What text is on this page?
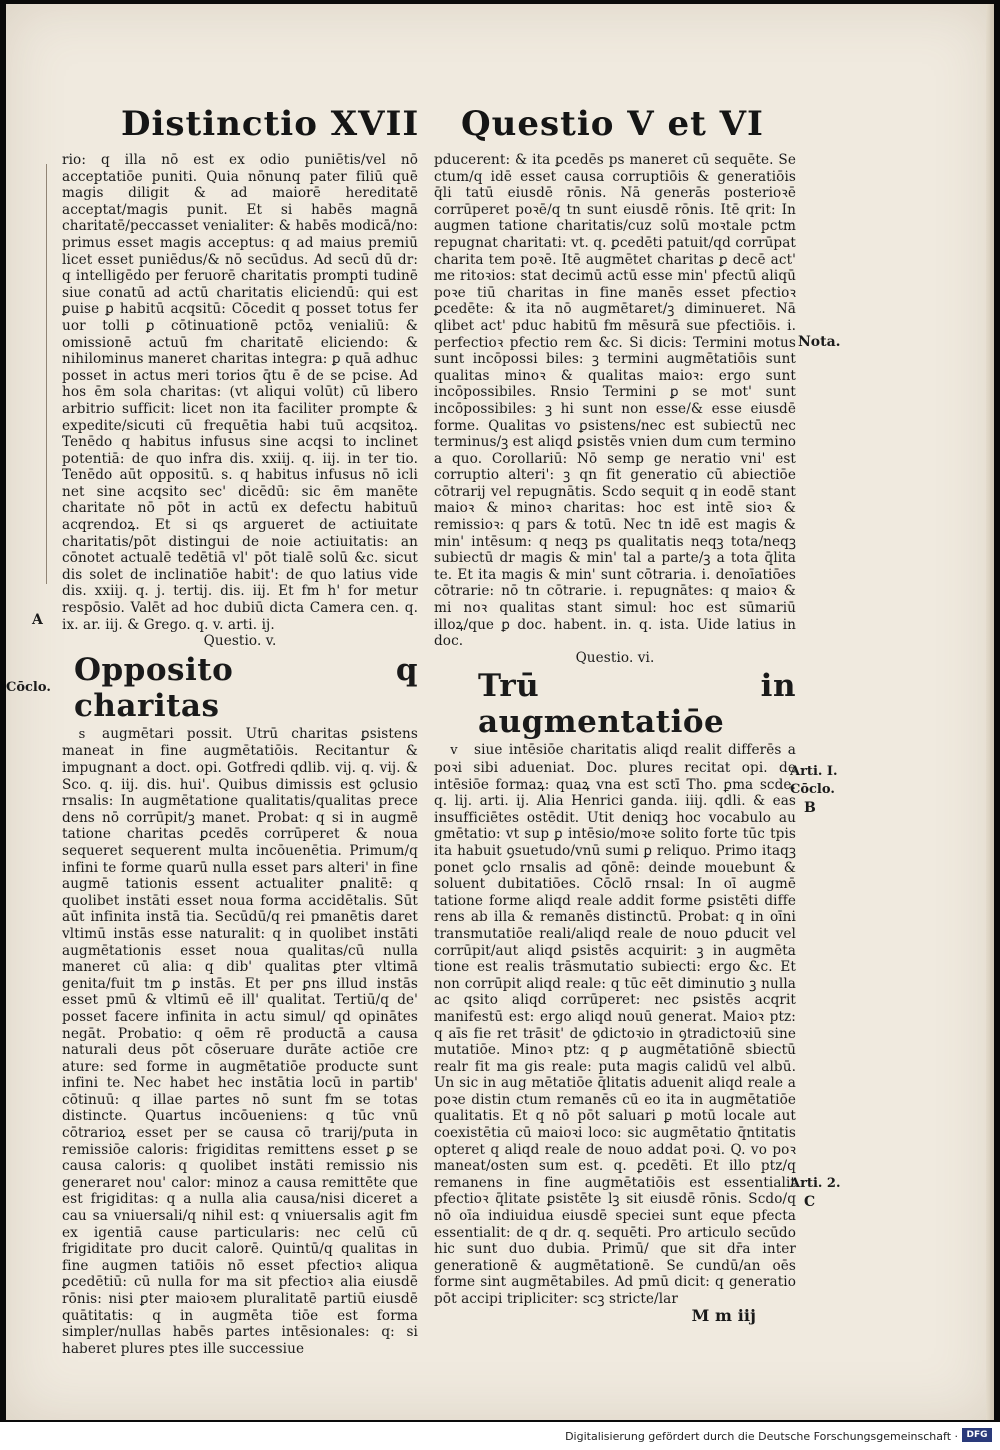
Distinctio XVII Questio V et VI

rio: q illa nō est ex odio puniētis/vel nō acceptatiōe puniti. Quia nōnunq pater filiū quē magis diligit & ad maiorē hereditatē acceptat/magis punit. Et si habēs magnā charitatē/peccasset venialiter: & habēs modicā/no: primus esset magis acceptus: q ad maius premiū licet esset puniēdus/& nō secūdus. Ad secū dū dr: q intelligēdo per feruorē charitatis prompti tudinē siue conatū ad actū charitatis eliciendū: qui est ꝑuise ꝑ habitū acqsitū: Cōcedit q posset totus fer uor tolli ꝑ cōtinuationē pctōꝝ venialiū: & omissionē actuū fm charitatē eliciendo: & nihilominus maneret charitas integra: ꝑ quā adhuc posset in actus meri torios q̄tu ē de se pcise. Ad hos ēm sola charitas: (vt aliqui volūt) cū libero arbitrio sufficit: licet non ita faciliter prompte & expedite/sicuti cū frequētia habi tuū acqsitoꝝ. Tenēdo q habitus infusus sine acqsi to inclinet potentiā: de quo infra dis. xxiij. q. iij. in ter tio. Tenēdo aūt oppositū. s. q habitus infusus nō icli net sine acqsito sec' dicēdū: sic ēm manēte charitate nō pōt in actū ex defectu habituū acqrendoꝝ. Et si qs argueret de actiuitate charitatis/pōt distingui de noie actiuitatis: an cōnotet actualē tedētiā vl' pōt tialē solū &c. sicut dis solet de inclinatiōe habit': de quo latius vide dis. xxiij. q. j. tertij. dis. iij. Et fm h' for metur respōsio. Valēt ad hoc dubiū dicta Camera cen. q. ix. ar. iij. & Grego. q. v. arti. ij.

Questio. v.

Opposito q charitas

s augmētari possit. Utrū charitas ꝑsistens maneat in fine augmētatiōis. Recitantur & impugnant a doct. opi. Gotfredi qdlib. vij. q. vij. & Sco. q. iij. dis. hui'. Quibus dimissis est ꝯclusio rnsalis: In augmētatione qualitatis/qualitas prece dens nō corrūpit/ꝫ manet. Probat: q si in augmē tatione charitas ꝑcedēs corrūperet & noua sequeret sequerent multa incōuenētia. Primum/q infini te forme quarū nulla esset pars alteri' in fine augmē tationis essent actualiter ꝑnalitē: q quolibet instāti esset noua forma accidētalis. Sūt aūt infinita instā tia. Secūdū/q rei pmanētis daret vltimū instās esse naturalit: q in quolibet instāti augmētationis esset noua qualitas/cū nulla maneret cū alia: q dib' qualitas ꝑter vltimā genita/fuit tm ꝑ instās. Et per ꝑns illud instās esset pmū & vltimū eē ill' qualitat. Tertiū/q de' posset facere infinita in actu simul/ qd opinātes negāt. Probatio: q oēm rē productā a causa naturali deus pōt cōseruare durāte actiōe cre ature: sed forme in augmētatiōe producte sunt infini te. Nec habet hec instātia locū in partib' cōtinuū: q illae partes nō sunt fm se totas distincte. Quartus incōueniens: q tūc vnū cōtrarioꝝ esset per se causa cō trarij/puta in remissiōe caloris: frigiditas remittens esset ꝑ se causa caloris: q quolibet instāti remissio nis generaret nou' calor: minoz a causa remittēte que est frigiditas: q a nulla alia causa/nisi diceret a cau sa vniuersali/q nihil est: q vniuersalis agit fm ex igentiā cause particularis: nec celū cū frigiditate pro ducit calorē. Quintū/q qualitas in fine augmen tatiōis nō esset pfectioꝛ aliqua ꝑcedētiū: cū nulla for ma sit pfectioꝛ alia eiusdē rōnis: nisi ꝑter maioꝛem pluralitatē partiū eiusdē quātitatis: q in augmēta tiōe est forma simpler/nullas habēs partes intēsionales: q: si haberet plures ptes ille successiue

pducerent: & ita ꝑcedēs ps maneret cū sequēte. Se ctum/q idē esset causa corruptiōis & generatiōis q̄li tatū eiusdē rōnis. Nā generās posterioꝛē corrūperet poꝛē/q tn sunt eiusdē rōnis. Itē qrit: In augmen tatione charitatis/cuz solū moꝛtale pctm repugnat charitati: vt. q. ꝑcedēti patuit/qd corrūpat charita tem poꝛē. Itē augmētet charitas ꝑ decē act' me ritoꝛios: stat decimū actū esse min' pfectū aliqū poꝛe tiū charitas in fine manēs esset pfectioꝛ ꝑcedēte: & ita nō augmētaret/ꝫ diminueret. Nā qlibet act' pduc habitū fm mēsurā sue pfectiōis. i. perfectioꝛ pfectio rem &c. Si dicis: Termini motus sunt incōpossi biles: ꝫ termini augmētatiōis sunt qualitas minoꝛ & qualitas maioꝛ: ergo sunt incōpossibiles. Rnsio Termini ꝑ se mot' sunt incōpossibiles: ꝫ hi sunt non esse/& esse eiusdē forme. Qualitas vo ꝑsistens/nec est subiectū nec terminus/ꝫ est aliqd ꝑsistēs vnien dum cum termino a quo. Corollariū: Nō semp ge neratio vni' est corruptio alteri': ꝫ qn fit generatio cū abiectiōe cōtrarij vel repugnātis. Scdo sequit q in eodē stant maioꝛ & minoꝛ charitas: hoc est intē sioꝛ & remissioꝛ: q pars & totū. Nec tn idē est magis & min' intēsum: q neqꝫ ps qualitatis neqꝫ tota/neqꝫ subiectū dr magis & min' tal a parte/ꝫ a tota q̄lita te. Et ita magis & min' sunt cōtraria. i. denoīatiōes cōtrarie: nō tn cōtrarie. i. repugnātes: q maioꝛ & mi noꝛ qualitas stant simul: hoc est sūmariū illoꝝ/que ꝑ doc. habent. in. q. ista. Uide latius in doc.

Questio. vi.

Trū in augmentatiōe

v siue intēsiōe charitatis aliqd realit differēs a poꝛi sibi adueniat. Doc. plures recitat opi. de intēsiōe formaꝝ: quaꝝ vna est sctī Tho. ꝑma scde. q. lij. arti. ij. Alia Henrici ganda. iiij. qdli. & eas insufficiētes ostēdit. Utit deniqꝫ hoc vocabulo au gmētatio: vt sup ꝑ intēsio/moꝛe solito forte tūc tpis ita habuit ꝯsuetudo/vnū sumi ꝑ reliquo. Primo itaqꝫ ponet ꝯclo rnsalis ad qōnē: deinde mouebunt & soluent dubitatiōes. Cōclō rnsal: In oī augmē tatione forme aliqd reale addit forme ꝑsistēti diffe rens ab illa & remanēs distinctū. Probat: q in oīni transmutatiōe reali/aliqd reale de nouo ꝑducit vel corrūpit/aut aliqd ꝑsistēs acquirit: ꝫ in augmēta tione est realis trāsmutatio subiecti: ergo &c. Et non corrūpit aliqd reale: q tūc eēt diminutio ꝫ nulla ac qsito aliqd corrūperet: nec ꝑsistēs acqrit manifestū est: ergo aliqd nouū generat. Maioꝛ ptz: q aīs fie ret trāsit' de ꝯdictoꝛio in ꝯtradictoꝛiū sine mutatiōe. Minoꝛ ptz: q ꝑ augmētatiōnē sbiectū realr fit ma gis reale: puta magis calidū vel albū. Un sic in aug mētatiōe q̄litatis aduenit aliqd reale a poꝛe distin ctum remanēs cū eo ita in augmētatiōe qualitatis. Et q nō pōt saluari ꝑ motū locale aut coexistētia cū maioꝛi loco: sic augmētatio q̄ntitatis opteret q aliqd reale de nouo addat poꝛi. Q. vo poꝛ maneat/osten sum est. q. ꝑcedēti. Et illo ptz/q remanens in fine augmētatiōis est essentialit pfectioꝛ q̄litate ꝑsistēte lꝫ sit eiusdē rōnis. Scdo/q nō oīa indiuidua eiusdē speciei sunt eque pfecta essentialit: de q dr. q. sequēti. Pro articulo secūdo hic sunt duo dubia. Primū/ que sit dr̄a inter generationē & augmētationē. Se cundū/an oēs forme sint augmētabiles. Ad pmū dicit: q generatio pōt accipi tripliciter: scꝫ stricte/lar

M m iij

A
Cōclo.
Nota.
Arti. I.
Cōclo.
B
Arti. 2.
C
Digitalisierung gefördert durch die Deutsche Forschungsgemeinschaft · DFG
